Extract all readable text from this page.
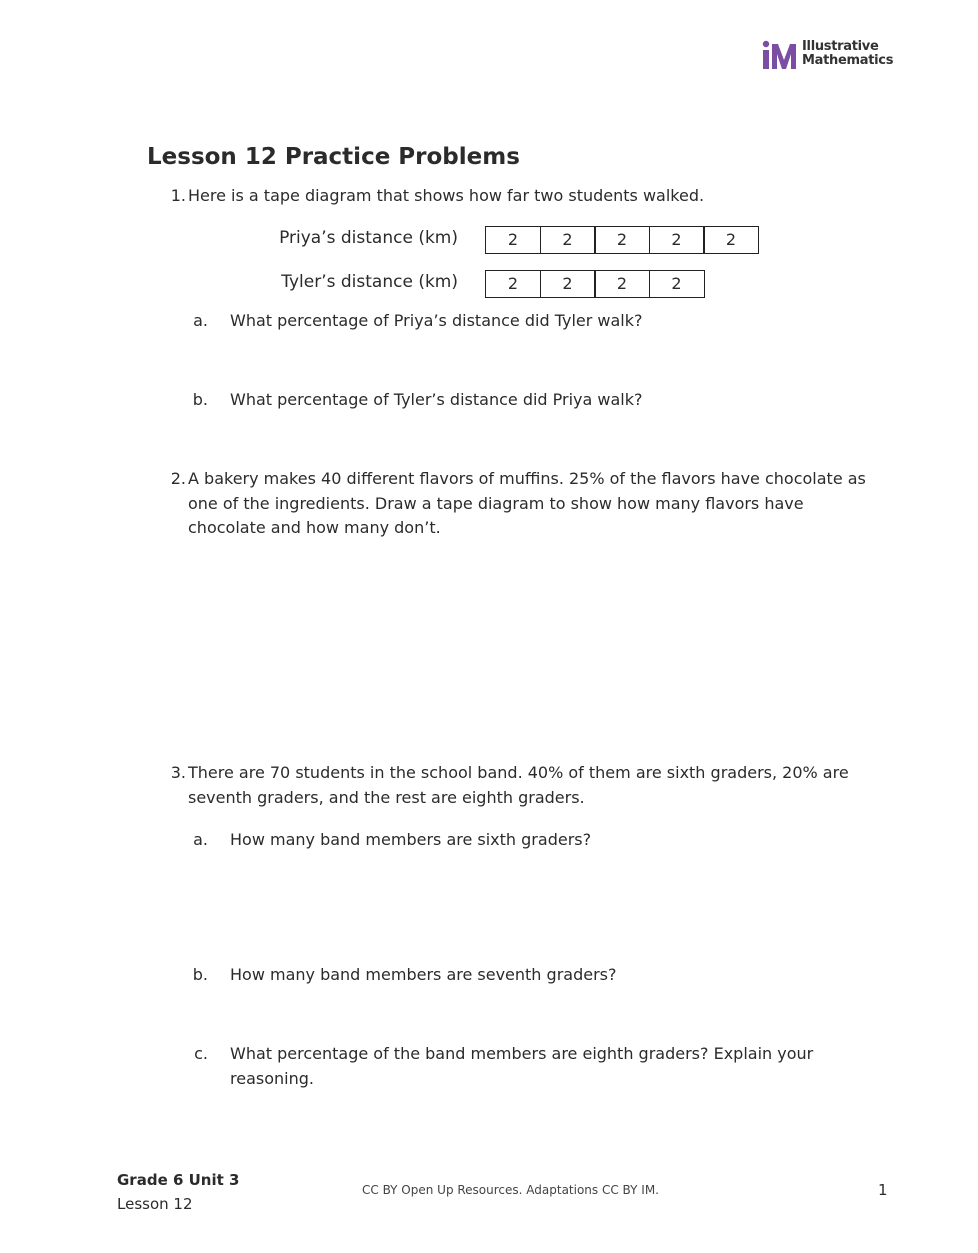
Illustrative
Mathematics
Lesson 12 Practice Problems
1. Here is a tape diagram that shows how far two students walked.
Priya’s distance (km)	2	2	2	2	2
Tyler’s distance (km)	2	2	2	2
a. What percentage of Priya’s distance did Tyler walk?
b. What percentage of Tyler’s distance did Priya walk?
2. A bakery makes 40 different flavors of muffins. 25% of the flavors have chocolate as
one of the ingredients. Draw a tape diagram to show how many flavors have
chocolate and how many don’t.
3. There are 70 students in the school band. 40% of them are sixth graders, 20% are
seventh graders, and the rest are eighth graders.
a. How many band members are sixth graders?
b. How many band members are seventh graders?
c. What percentage of the band members are eighth graders? Explain your
reasoning.
Grade 6 Unit 3
Lesson 12
CC BY Open Up Resources. Adaptations CC BY IM.	1
